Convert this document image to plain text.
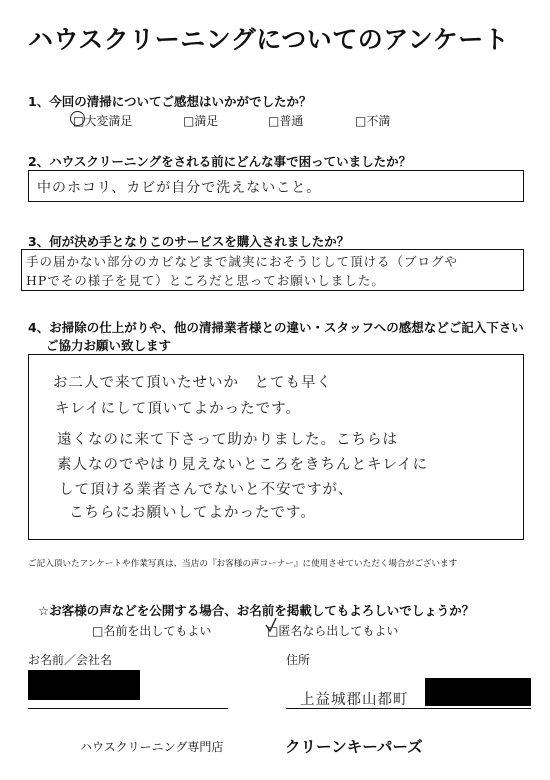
ハウスクリーニングについてのアンケート
1、今回の清掃についてご感想はいかがでしたか？
□大変満足	□満足	□普通	□不満
2、ハウスクリーニングをされる前にどんな事で困っていましたか？
中のホコリ、カビが自分で洗えないこと。
3、何が決め手となりこのサービスを購入されましたか？
手の届かない部分のカビなどまで誠実におそうじして頂ける（ブログや
HPでその様子を見て）ところだと思ってお願いしました。
4、お掃除の仕上がりや、他の清掃業者様との違い・スタッフへの感想などご記入下さい
ご協力お願い致します
お二人で来て頂いたせいか　とても早く
キレイにして頂いてよかったです。
遠くなのに来て下さって助かりました。こちらは
素人なのでやはり見えないところをきちんとキレイに
して頂ける業者さんでないと不安ですが、
こちらにお願いしてよかったです。
ご記入頂いたアンケートや作業写真は、当店の『お客様の声コーナー』に使用させていただく場合がございます
☆お客様の声などを公開する場合、お名前を掲載してもよろしいでしょうか？
□名前を出してもよい	□匿名なら出してもよい
お名前／会社名	住所
上益城郡山都町
ハウスクリーニング専門店	クリーンキーパーズ
